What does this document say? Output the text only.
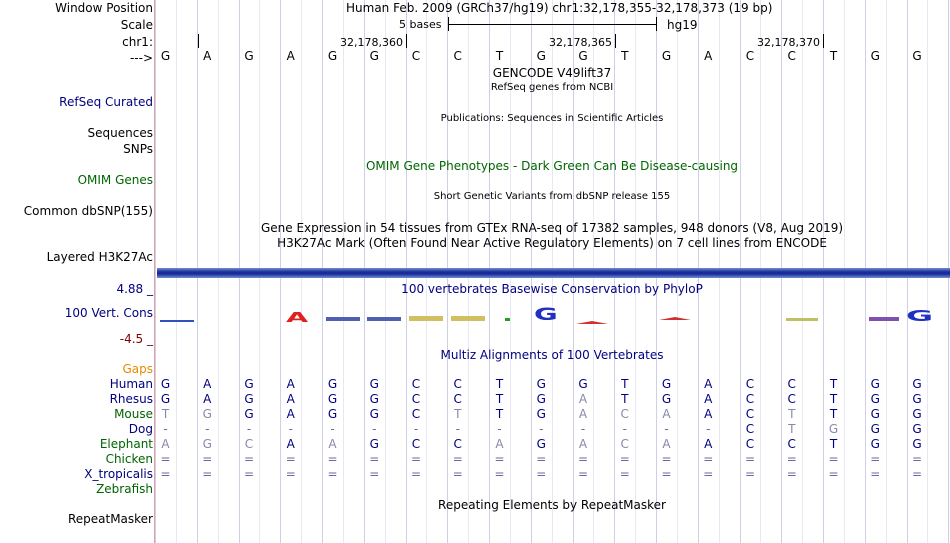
Window Position	Human Feb. 2009 (GRCh37/hg19) chr1:32,178,355-32,178,373 (19 bp)
Scale	5 bases	hg19
chr1:	32,178,360	32,178,365	32,178,370
---> G	A	G	A	G	G	C	C	T	G	G	T	G	A	C	C	T	G	G
GENCODE V49lift37
RefSeq genes from NCBI
RefSeq Curated
Publications: Sequences in Scientific Articles
Sequences
SNPs
OMIM Gene Phenotypes - Dark Green Can Be Disease-causing
OMIM Genes
Short Genetic Variants from dbSNP release 155
Common dbSNP(155)
Gene Expression in 54 tissues from GTEx RNA-seq of 17382 samples, 948 donors (V8, Aug 2019)
H3K27Ac Mark (Often Found Near Active Regulatory Elements) on 7 cell lines from ENCODE
Layered H3K27Ac
4.88 _	100 vertebrates Basewise Conservation by PhyloP
100 Vert. Cons
-4.5 _
A	G	G
Multiz Alignments of 100 Vertebrates
Gaps
Human G	A	G	A	G	G	C	C	T	G	G	T	G	A	C	C	T	G	G
Rhesus G	A	G	A	G	G	C	C	T	G	A	T	G	A	C	C	T	G	G
Mouse T	G	G	A	G	G	C	T	T	G	A	C	A	A	C	T	T	G	G
Dog -	-	-	-	-	-	-	-	-	-	-	-	-	-	C	T	G	G	G
Elephant A	G	C	A	A	G	C	C	A	G	A	C	A	A	C	C	T	G	G
Chicken =	=	=	=	=	=	=	=	=	=	=	=	=	=	=	=	=	=	=
X_tropicalis =	=	=	=	=	=	=	=	=	=	=	=	=	=	=	=	=	=	=
Zebrafish
Repeating Elements by RepeatMasker
RepeatMasker
